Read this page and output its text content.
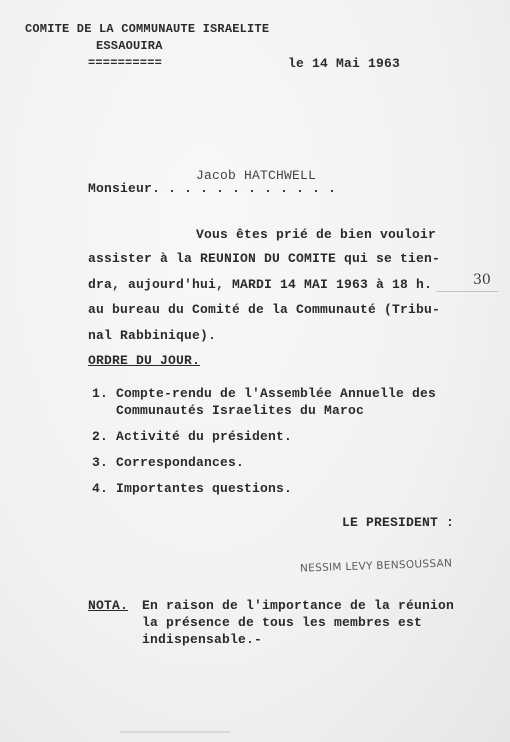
COMITE DE LA COMMUNAUTE ISRAELITE
ESSAOUIRA
==========	le 14 Mai 1963
Jacob HATCHWELL
Monsieur. . . . . . . . . . . .
Vous êtes prié de bien vouloir
assister à la REUNION DU COMITE qui se tien-
dra, aujourd'hui, MARDI 14 MAI 1963 à 18 h.	30
au bureau du Comité de la Communauté (Tribu-
nal Rabbinique).
ORDRE DU JOUR.
1. Compte-rendu de l'Assemblée Annuelle des
Communautés Israelites du Maroc
2. Activité du président.
3. Correspondances.
4. Importantes questions.
LE PRESIDENT :
NESSIM LEVY BENSOUSSAN
NOTA. En raison de l'importance de la réunion
la présence de tous les membres est
indispensable.-
